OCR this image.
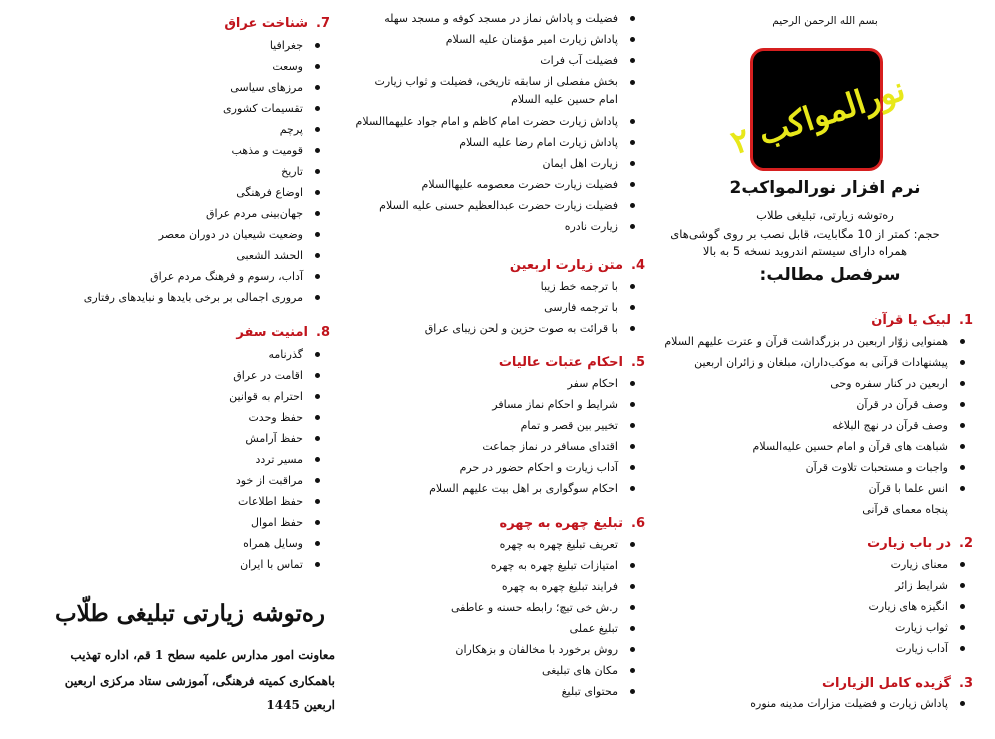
بسم الله الرحمن الرحیم
نورالمواکب ۲
نرم افزار نورالمواکب2
ره‌توشه زیارتی، تبلیغی طلاب
حجم: کمتر از 10 مگابایت، قابل نصب بر روی گوشی‌های همراه دارای سیستم اندروید نسخه 5 به بالا
سرفصل مطالب:
1.لبیک یا قرآن
همنوایی زوّار اربعین در بزرگداشت قرآن و عترت علیهم السلام
پیشنهادات قرآنی به موکب‌داران، مبلغان و زائران اربعین
اربعین در کنار سفره وحی
وصف قرآن در قرآن
وصف قرآن در نهج البلاغه
شباهت های قرآن و امام حسین علیه‌السلام
واجبات و مستحبات تلاوت قرآن
انس علما با قرآن
پنجاه معمای قرآنی
2.در باب زیارت
معنای زیارت
شرایط زائر
انگیزه های زیارت
ثواب زیارت
آداب زیارت
3.گزیده کامل الزیارات
پاداش زیارت و فضیلت مزارات مدینه منوره
فضیلت و پاداش نماز در مسجد کوفه و مسجد سهله
پاداش زیارت امیر مؤمنان علیه السلام
فضیلت آب فرات
بخش مفصلی از سابقه تاریخی، فضیلت و ثواب زیارت امام حسین علیه السلام
پاداش زیارت حضرت امام کاظم و امام جواد علیهماالسلام
پاداش زیارت امام رضا علیه السلام
زیارت اهل ایمان
فضیلت زیارت حضرت معصومه علیهاالسلام
فضیلت زیارت حضرت عبدالعظیم حسنی علیه السلام
زیارت نادره
4.متن زیارت اربعین
با ترجمه خط زیبا
با ترجمه فارسی
با قرائت به صوت حزین و لحن زیبای عراق
5.احکام عتبات عالیات
احکام سفر
شرایط و احکام نماز مسافر
تخییر بین قصر و تمام
اقتدای مسافر در نماز جماعت
آداب زیارت و احکام حضور در حرم
احکام سوگواری بر اهل بیت علیهم السلام
6.تبلیغ چهره به چهره
تعریف تبلیغ چهره به چهره
امتیازات تبلیغ چهره به چهره
فرایند تبلیغ چهره به چهره
ر.ش خی تیچ؛ رابطه حسنه و عاطفی
تبلیغ عملی
روش برخورد با مخالفان و بزهکاران
مکان های تبلیغی
محتوای تبلیغ
7.شناخت عراق
جغرافیا
وسعت
مرزهای سیاسی
تقسیمات کشوری
پرچم
قومیت و مذهب
تاریخ
اوضاع فرهنگی
جهان‌بینی مردم عراق
وضعیت شیعیان در دوران معصر
الحشد الشعبی
آداب، رسوم و فرهنگ مردم عراق
مروری اجمالی بر برخی بایدها و نبایدهای رفتاری
8.امنیت سفر
گذرنامه
اقامت در عراق
احترام به قوانین
حفظ وحدت
حفظ آرامش
مسیر تردد
مراقبت از خود
حفظ اطلاعات
حفظ اموال
وسایل همراه
تماس با ایران
ره‌توشه زیارتی تبلیغی طلّاب
معاونت امور مدارس علمیه سطح 1 قم، اداره تهذیب
باهمکاری کمیته فرهنگی، آموزشی ستاد مرکزی اربعین
اربعین 1445
